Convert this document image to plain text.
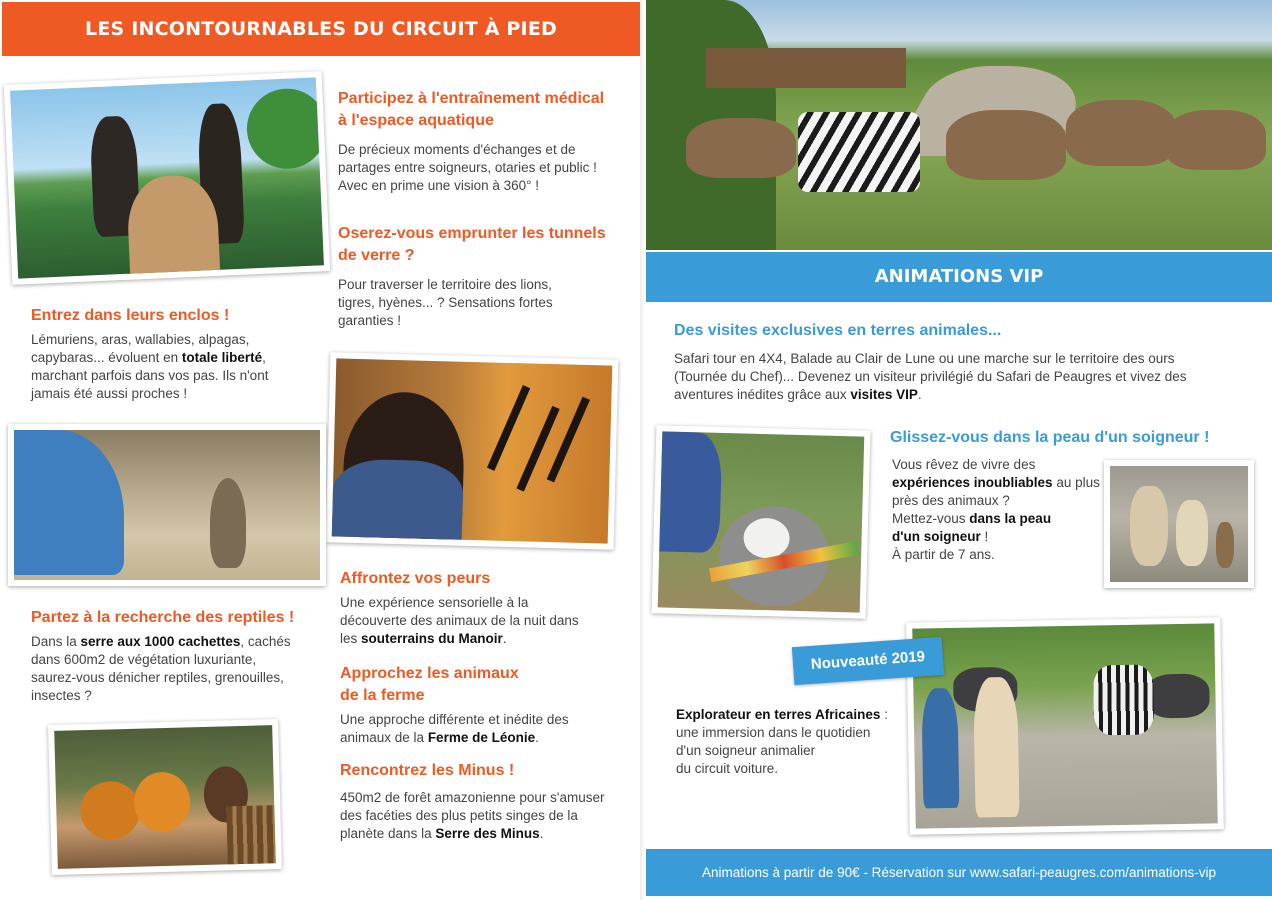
LES INCONTOURNABLES DU CIRCUIT À PIED
Participez à l'entraînement médical
à l'espace aquatique
De précieux moments d'échanges et de
partages entre soigneurs, otaries et public !
Avec en prime une vision à 360° !
Oserez-vous emprunter les tunnels
de verre ?
Pour traverser le territoire des lions,
tigres, hyènes... ? Sensations fortes
garanties !
Entrez dans leurs enclos !
Lémuriens, aras, wallabies, alpagas,
capybaras... évoluent en totale liberté,
marchant parfois dans vos pas. Ils n'ont
jamais été aussi proches !
Affrontez vos peurs
Une expérience sensorielle à la
découverte des animaux de la nuit dans
les souterrains du Manoir.
Partez à la recherche des reptiles !
Dans la serre aux 1000 cachettes, cachés
dans 600m2 de végétation luxuriante,
saurez-vous dénicher reptiles, grenouilles,
insectes ?
Approchez les animaux
de la ferme
Une approche différente et inédite des
animaux de la Ferme de Léonie.
Rencontrez les Minus !
450m2 de forêt amazonienne pour s'amuser
des facéties des plus petits singes de la
planète dans la Serre des Minus.
ANIMATIONS VIP
Des visites exclusives en terres animales...
Safari tour en 4X4, Balade au Clair de Lune ou une marche sur le territoire des ours
(Tournée du Chef)... Devenez un visiteur privilégié du Safari de Peaugres et vivez des
aventures inédites grâce aux visites VIP.
Glissez-vous dans la peau d'un soigneur !
Vous rêvez de vivre des
expériences inoubliables au plus
près des animaux ?
Mettez-vous dans la peau
d'un soigneur !
À partir de 7 ans.
Nouveauté 2019
Explorateur en terres Africaines :
une immersion dans le quotidien
d'un soigneur animalier
du circuit voiture.

Animations à partir de 90€ - Réservation sur www.safari-peaugres.com/animations-vip
